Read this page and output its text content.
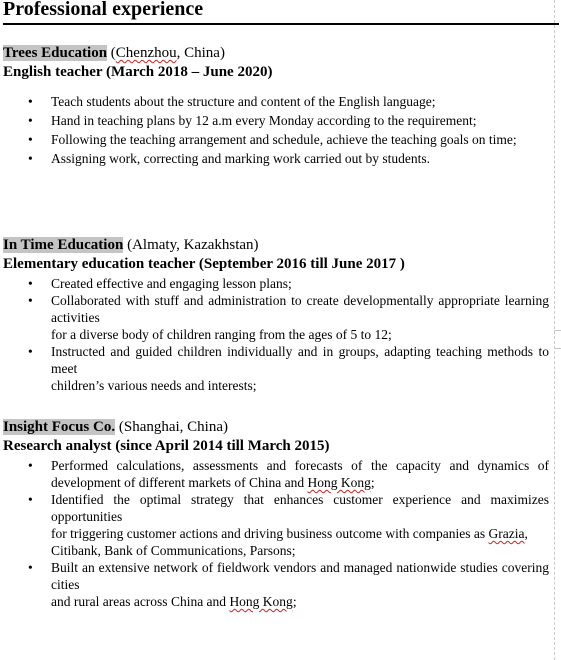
Professional experience
Trees Education (Chenzhou, China)
English teacher (March 2018 – June 2020)
• Teach students about the structure and content of the English language;
• Hand in teaching plans by 12 a.m every Monday according to the requirement;
• Following the teaching arrangement and schedule, achieve the teaching goals on time;
• Assigning work, correcting and marking work carried out by students.
In Time Education (Almaty, Kazakhstan)
Elementary education teacher (September 2016 till June 2017 )
• Created effective and engaging lesson plans;
• Collaborated with stuff and administration to create developmentally appropriate learning activities
for a diverse body of children ranging from the ages of 5 to 12;
• Instructed and guided children individually and in groups, adapting teaching methods to meet
children’s various needs and interests;
Insight Focus Co. (Shanghai, China)
Research analyst (since April 2014 till March 2015)
• Performed calculations, assessments and forecasts of the capacity and dynamics of development of different markets of China and Hong Kong;
• Identified the optimal strategy that enhances customer experience and maximizes opportunities
for triggering customer actions and driving business outcome with companies as Grazia,
Citibank, Bank of Communications, Parsons;
• Built an extensive network of fieldwork vendors and managed nationwide studies covering cities
and rural areas across China and Hong Kong;
